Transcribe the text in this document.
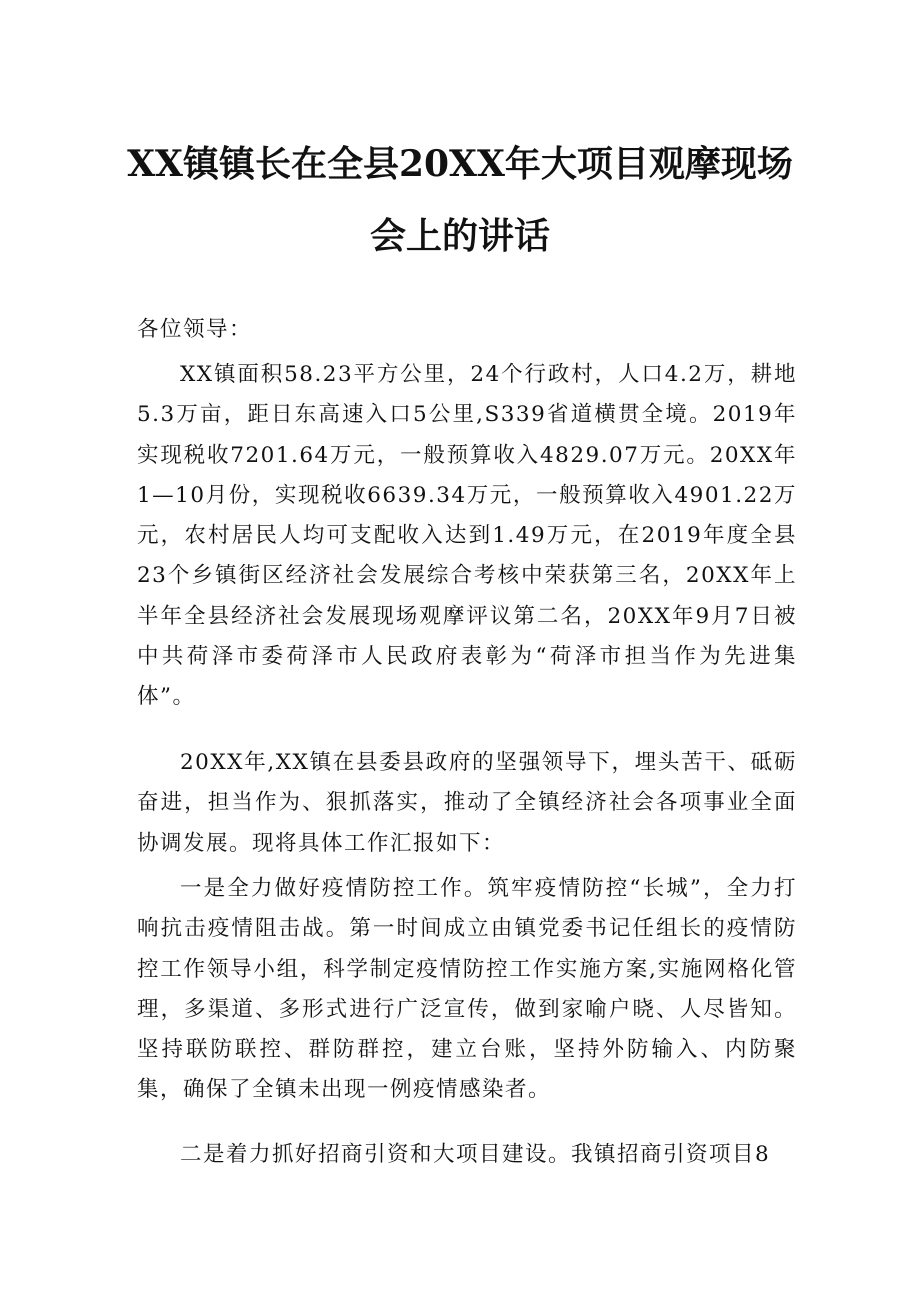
XX镇镇长在全县20XX年大项目观摩现场
会上的讲话
各位领导：

XX镇面积58.23平方公里，24个行政村，人口4.2万，耕地5.3万亩，距日东高速入口5公里,S339省道横贯全境。2019年实现税收7201.64万元，一般预算收入4829.07万元。20XX年1—10月份，实现税收6639.34万元，一般预算收入4901.22万元，农村居民人均可支配收入达到1.49万元，在2019年度全县23个乡镇街区经济社会发展综合考核中荣获第三名，20XX年上半年全县经济社会发展现场观摩评议第二名，20XX年9月7日被中共荷泽市委荷泽市人民政府表彰为“荷泽市担当作为先进集体”。

20XX年,XX镇在县委县政府的坚强领导下，埋头苦干、砥砺奋进，担当作为、狠抓落实，推动了全镇经济社会各项事业全面协调发展。现将具体工作汇报如下：

一是全力做好疫情防控工作。筑牢疫情防控“长城”，全力打响抗击疫情阻击战。第一时间成立由镇党委书记任组长的疫情防控工作领导小组，科学制定疫情防控工作实施方案,实施网格化管理，多渠道、多形式进行广泛宣传，做到家喻户晓、人尽皆知。坚持联防联控、群防群控，建立台账，坚持外防输入、内防聚集，确保了全镇未出现一例疫情感染者。

二是着力抓好招商引资和大项目建设。我镇招商引资项目8
